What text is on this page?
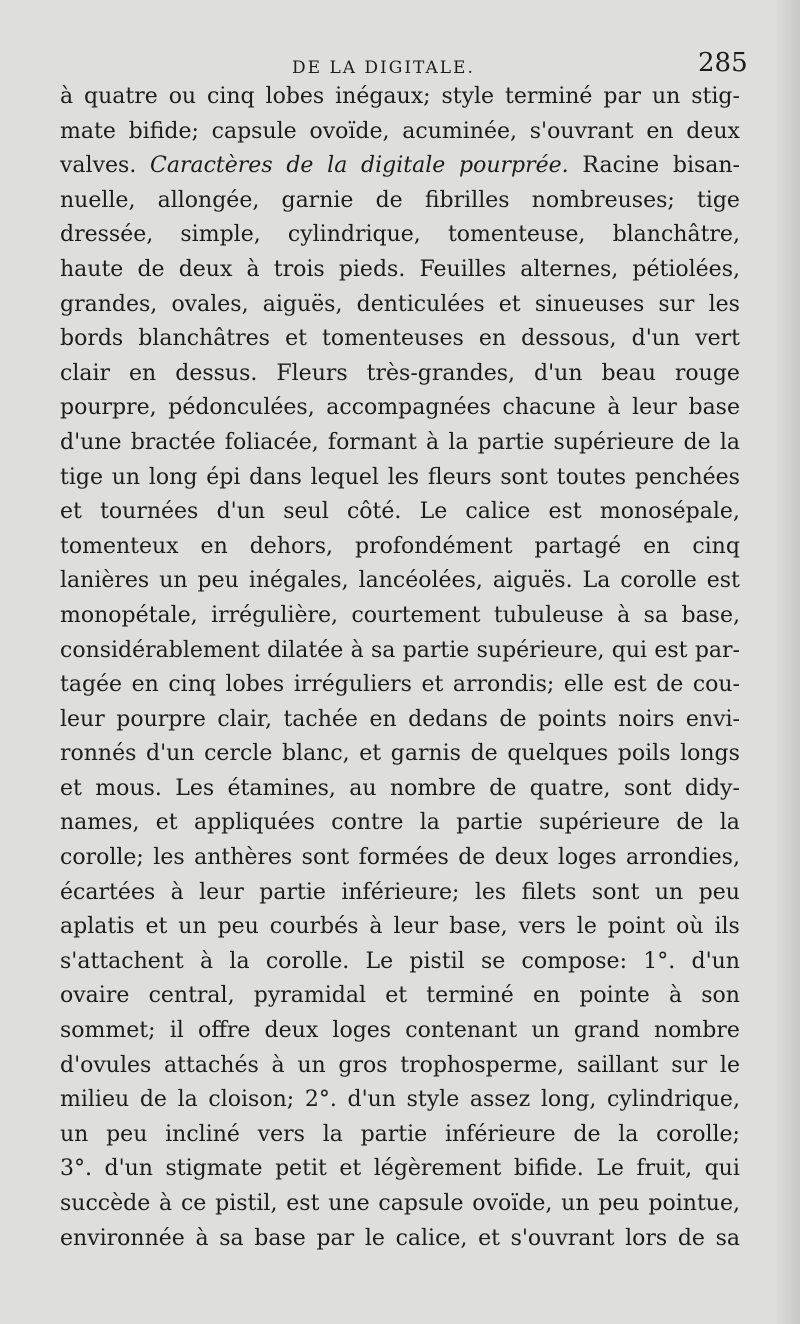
DE LA DIGITALE.	285
à quatre ou cinq lobes inégaux; style terminé par un stig-
mate bifide; capsule ovoïde, acuminée, s'ouvrant en deux
valves. Caractères de la digitale pourprée. Racine bisan-
nuelle, allongée, garnie de fibrilles nombreuses; tige
dressée, simple, cylindrique, tomenteuse, blanchâtre,
haute de deux à trois pieds. Feuilles alternes, pétiolées,
grandes, ovales, aiguës, denticulées et sinueuses sur les
bords blanchâtres et tomenteuses en dessous, d'un vert
clair en dessus. Fleurs très-grandes, d'un beau rouge
pourpre, pédonculées, accompagnées chacune à leur base
d'une bractée foliacée, formant à la partie supérieure de la
tige un long épi dans lequel les fleurs sont toutes penchées
et tournées d'un seul côté. Le calice est monosépale,
tomenteux en dehors, profondément partagé en cinq
lanières un peu inégales, lancéolées, aiguës. La corolle est
monopétale, irrégulière, courtement tubuleuse à sa base,
considérablement dilatée à sa partie supérieure, qui est par-
tagée en cinq lobes irréguliers et arrondis; elle est de cou-
leur pourpre clair, tachée en dedans de points noirs envi-
ronnés d'un cercle blanc, et garnis de quelques poils longs
et mous. Les étamines, au nombre de quatre, sont didy-
names, et appliquées contre la partie supérieure de la
corolle; les anthères sont formées de deux loges arrondies,
écartées à leur partie inférieure; les filets sont un peu
aplatis et un peu courbés à leur base, vers le point où ils
s'attachent à la corolle. Le pistil se compose: 1°. d'un
ovaire central, pyramidal et terminé en pointe à son
sommet; il offre deux loges contenant un grand nombre
d'ovules attachés à un gros trophosperme, saillant sur le
milieu de la cloison; 2°. d'un style assez long, cylindrique,
un peu incliné vers la partie inférieure de la corolle;
3°. d'un stigmate petit et légèrement bifide. Le fruit, qui
succède à ce pistil, est une capsule ovoïde, un peu pointue,
environnée à sa base par le calice, et s'ouvrant lors de sa
